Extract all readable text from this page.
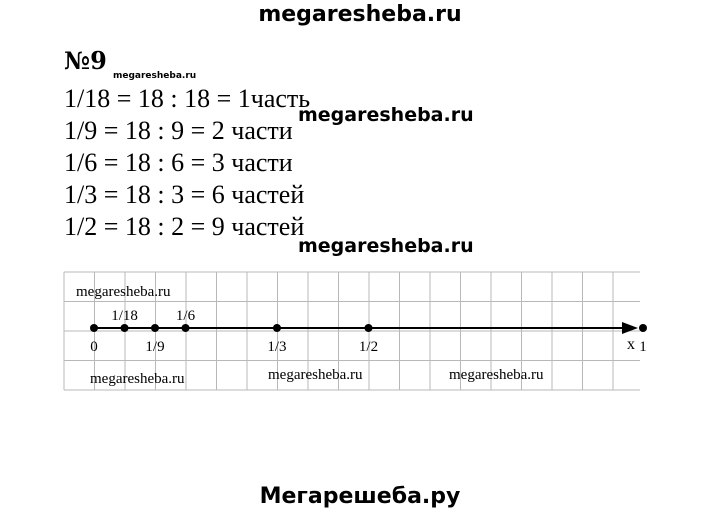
megaresheba.ru
№9
megaresheba.ru
1/18 = 18 : 18 = 1часть
1/9 = 18 : 9 = 2 части
1/6 = 18 : 6 = 3 части
1/3 = 18 : 3 = 6 частей
1/2 = 18 : 2 = 9 частей
megaresheba.ru
megaresheba.ru
0
1/18
1/9
1/6
1/3	1/2	1
x
megaresheba.ru
megaresheba.ru	megaresheba.ru	megaresheba.ru
Мегарешеба.ру
